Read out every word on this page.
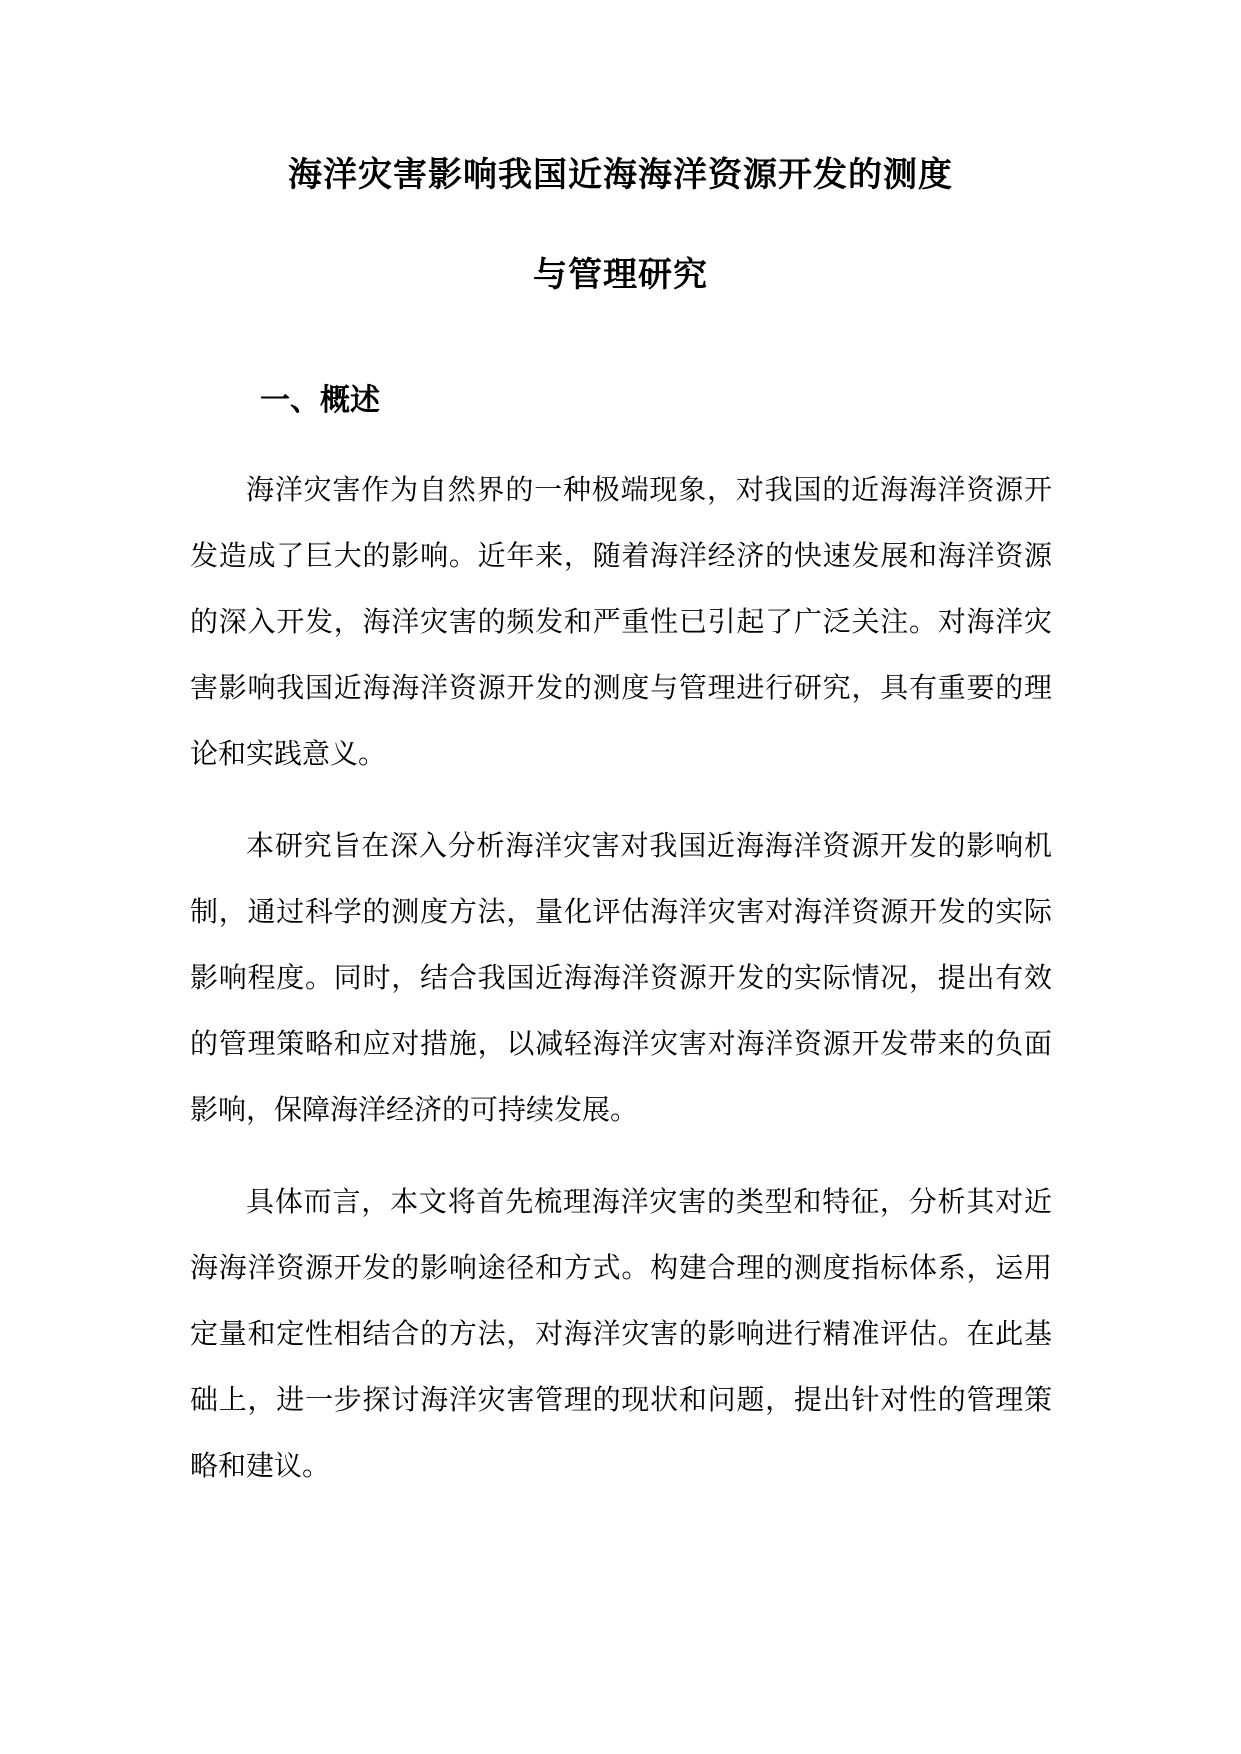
海洋灾害影响我国近海海洋资源开发的测度
与管理研究
一、概述

海洋灾害作为自然界的一种极端现象，对我国的近海海洋资源开发造成了巨大的影响。近年来，随着海洋经济的快速发展和海洋资源的深入开发，海洋灾害的频发和严重性已引起了广泛关注。对海洋灾害影响我国近海海洋资源开发的测度与管理进行研究，具有重要的理论和实践意义。

本研究旨在深入分析海洋灾害对我国近海海洋资源开发的影响机制，通过科学的测度方法，量化评估海洋灾害对海洋资源开发的实际影响程度。同时，结合我国近海海洋资源开发的实际情况，提出有效的管理策略和应对措施，以减轻海洋灾害对海洋资源开发带来的负面影响，保障海洋经济的可持续发展。

具体而言，本文将首先梳理海洋灾害的类型和特征，分析其对近海海洋资源开发的影响途径和方式。构建合理的测度指标体系，运用定量和定性相结合的方法，对海洋灾害的影响进行精准评估。在此基础上，进一步探讨海洋灾害管理的现状和问题，提出针对性的管理策略和建议。
